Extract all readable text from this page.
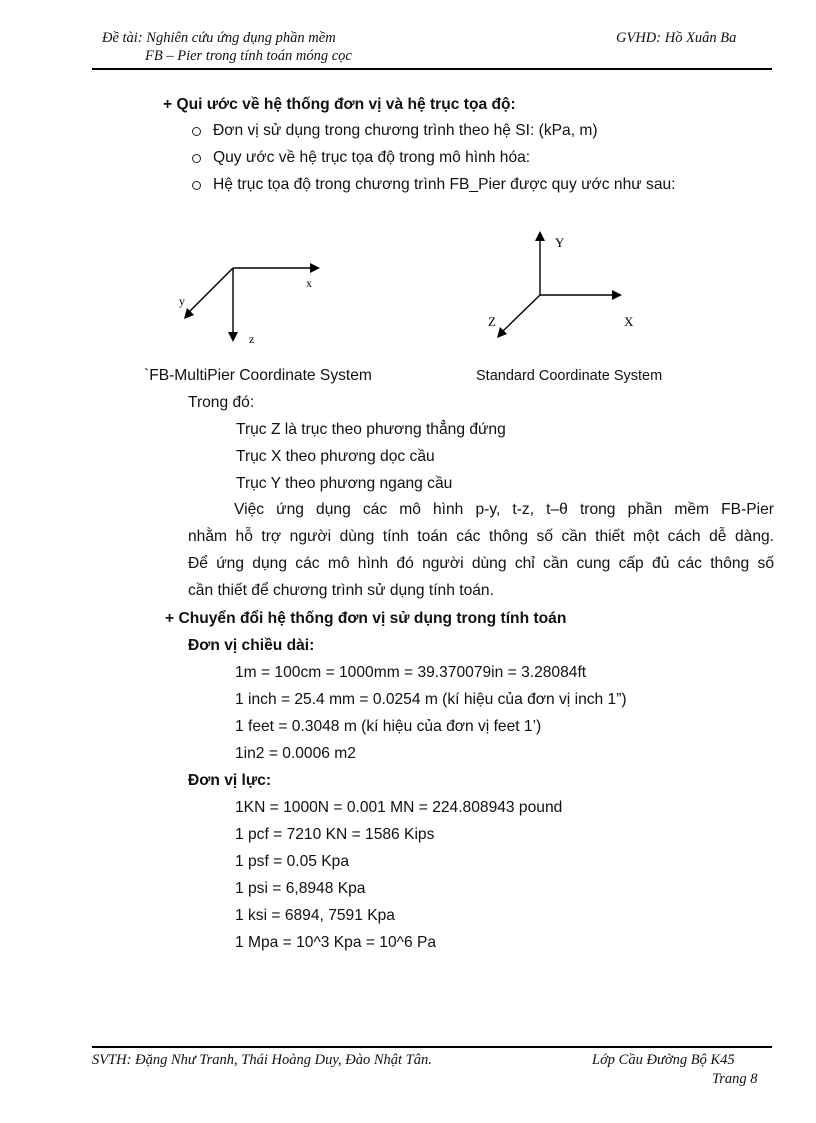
Đề tài: Nghiên cứu ứng dụng phần mềm
FB – Pier trong tính toán móng cọc
GVHD: Hồ Xuân Ba
+ Qui ước về hệ thống đơn vị và hệ trục tọa độ:
Đơn vị sử dụng trong chương trình theo hệ SI: (kPa, m)
Quy ước về hệ trục tọa độ trong mô hình hóa:
Hệ trục tọa độ trong chương trình FB_Pier được quy ước như sau:
x
y
z
Y
X
Z
`FB-MultiPier Coordinate System	Standard Coordinate System
Trong đó:
Trục Z là trục theo phương thẳng đứng
Trục X theo phương dọc cầu
Trục Y theo phương ngang cầu
Việc ứng dụng các mô hình p-y, t-z, t–θ trong phần mềm FB-Pier
nhằm hỗ trợ người dùng tính toán các thông số cần thiết một cách dễ dàng.
Để ứng dụng các mô hình đó người dùng chỉ cần cung cấp đủ các thông số
cần thiết để chương trình sử dụng tính toán.
+ Chuyển đổi hệ thống đơn vị sử dụng trong tính toán
Đơn vị chiều dài:
1m = 100cm = 1000mm = 39.370079in = 3.28084ft
1 inch = 25.4 mm = 0.0254 m (kí hiệu của đơn vị inch 1”)
1 feet = 0.3048 m (kí hiệu của đơn vị feet 1’)
1in2 = 0.0006 m2
Đơn vị lực:
1KN = 1000N = 0.001 MN = 224.808943 pound
1 pcf = 7210 KN = 1586 Kips
1 psf = 0.05 Kpa
1 psi = 6,8948 Kpa
1 ksi = 6894, 7591 Kpa
1 Mpa = 10^3 Kpa = 10^6 Pa
SVTH: Đặng Như Tranh, Thái Hoàng Duy, Đào Nhật Tân.	Lớp Cầu Đường Bộ K45
Trang 8
